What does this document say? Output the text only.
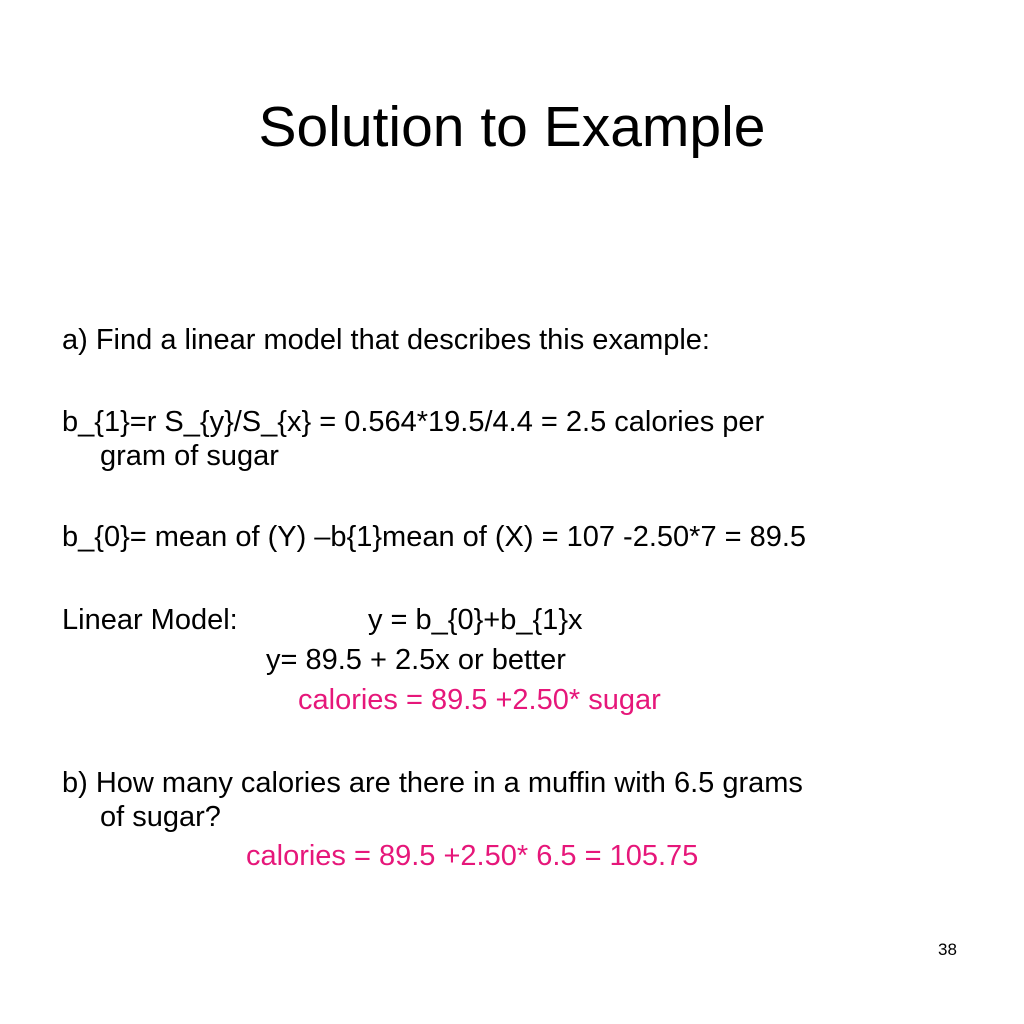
Solution to Example
a) Find a linear model that describes this example:
b_{1}=r S_{y}/S_{x} = 0.564*19.5/4.4 = 2.5 calories per
gram of sugar
b_{0}= mean of (Y) –b{1}mean of (X) = 107 -2.50*7 = 89.5
Linear Model:	y = b_{0}+b_{1}x
y= 89.5 + 2.5x or better
calories = 89.5 +2.50* sugar
b) How many calories are there in a muffin with 6.5 grams
of sugar?
calories = 89.5 +2.50* 6.5 = 105.75
38
